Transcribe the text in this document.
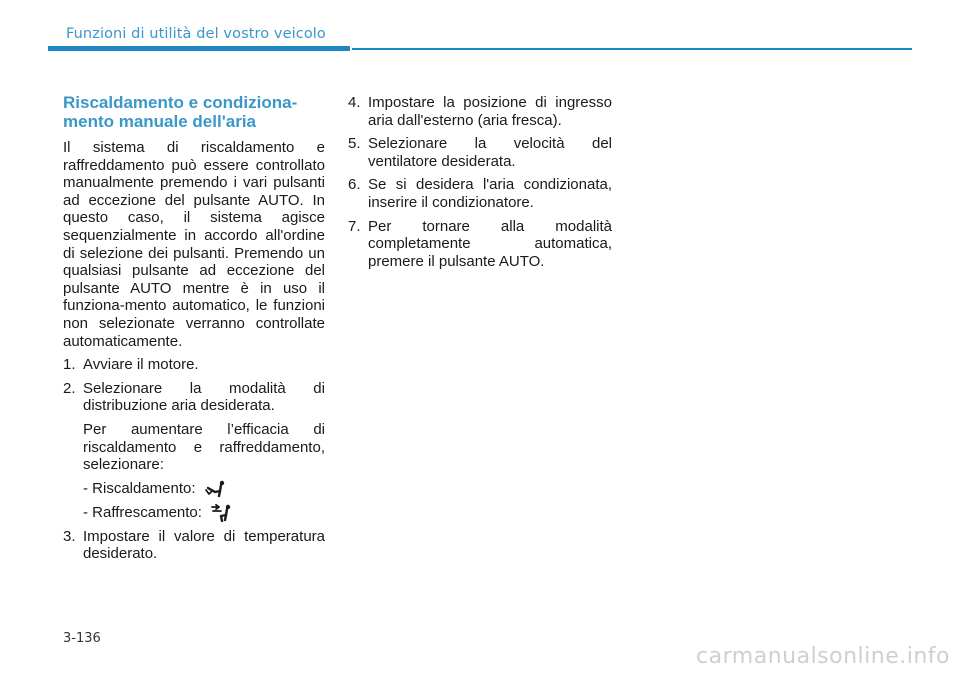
Funzioni di utilità del vostro veicolo
Riscaldamento e condiziona-
mento manuale dell'aria

Il sistema di riscaldamento e raffreddamento può essere controllato manualmente premendo i vari pulsanti ad eccezione del pulsante AUTO. In questo caso, il sistema agisce sequenzialmente in accordo all'ordine di selezione dei pulsanti. Premendo un qualsiasi pulsante ad eccezione del pulsante AUTO mentre è in uso il funziona-mento automatico, le funzioni non selezionate verranno controllate automaticamente.

1. Avviare il motore.
2. Selezionare la modalità di distribuzione aria desiderata.

Per aumentare l’efficacia di riscaldamento e raffreddamento, selezionare:

- Riscaldamento:
- Raffrescamento:
3. Impostare il valore di temperatura desiderato.
4. Impostare la posizione di ingresso aria dall'esterno (aria fresca).
5. Selezionare la velocità del ventilatore desiderata.
6. Se si desidera l'aria condizionata, inserire il condizionatore.
7. Per tornare alla modalità completamente automatica, premere il pulsante AUTO.
3-136
carmanualsonline.info
